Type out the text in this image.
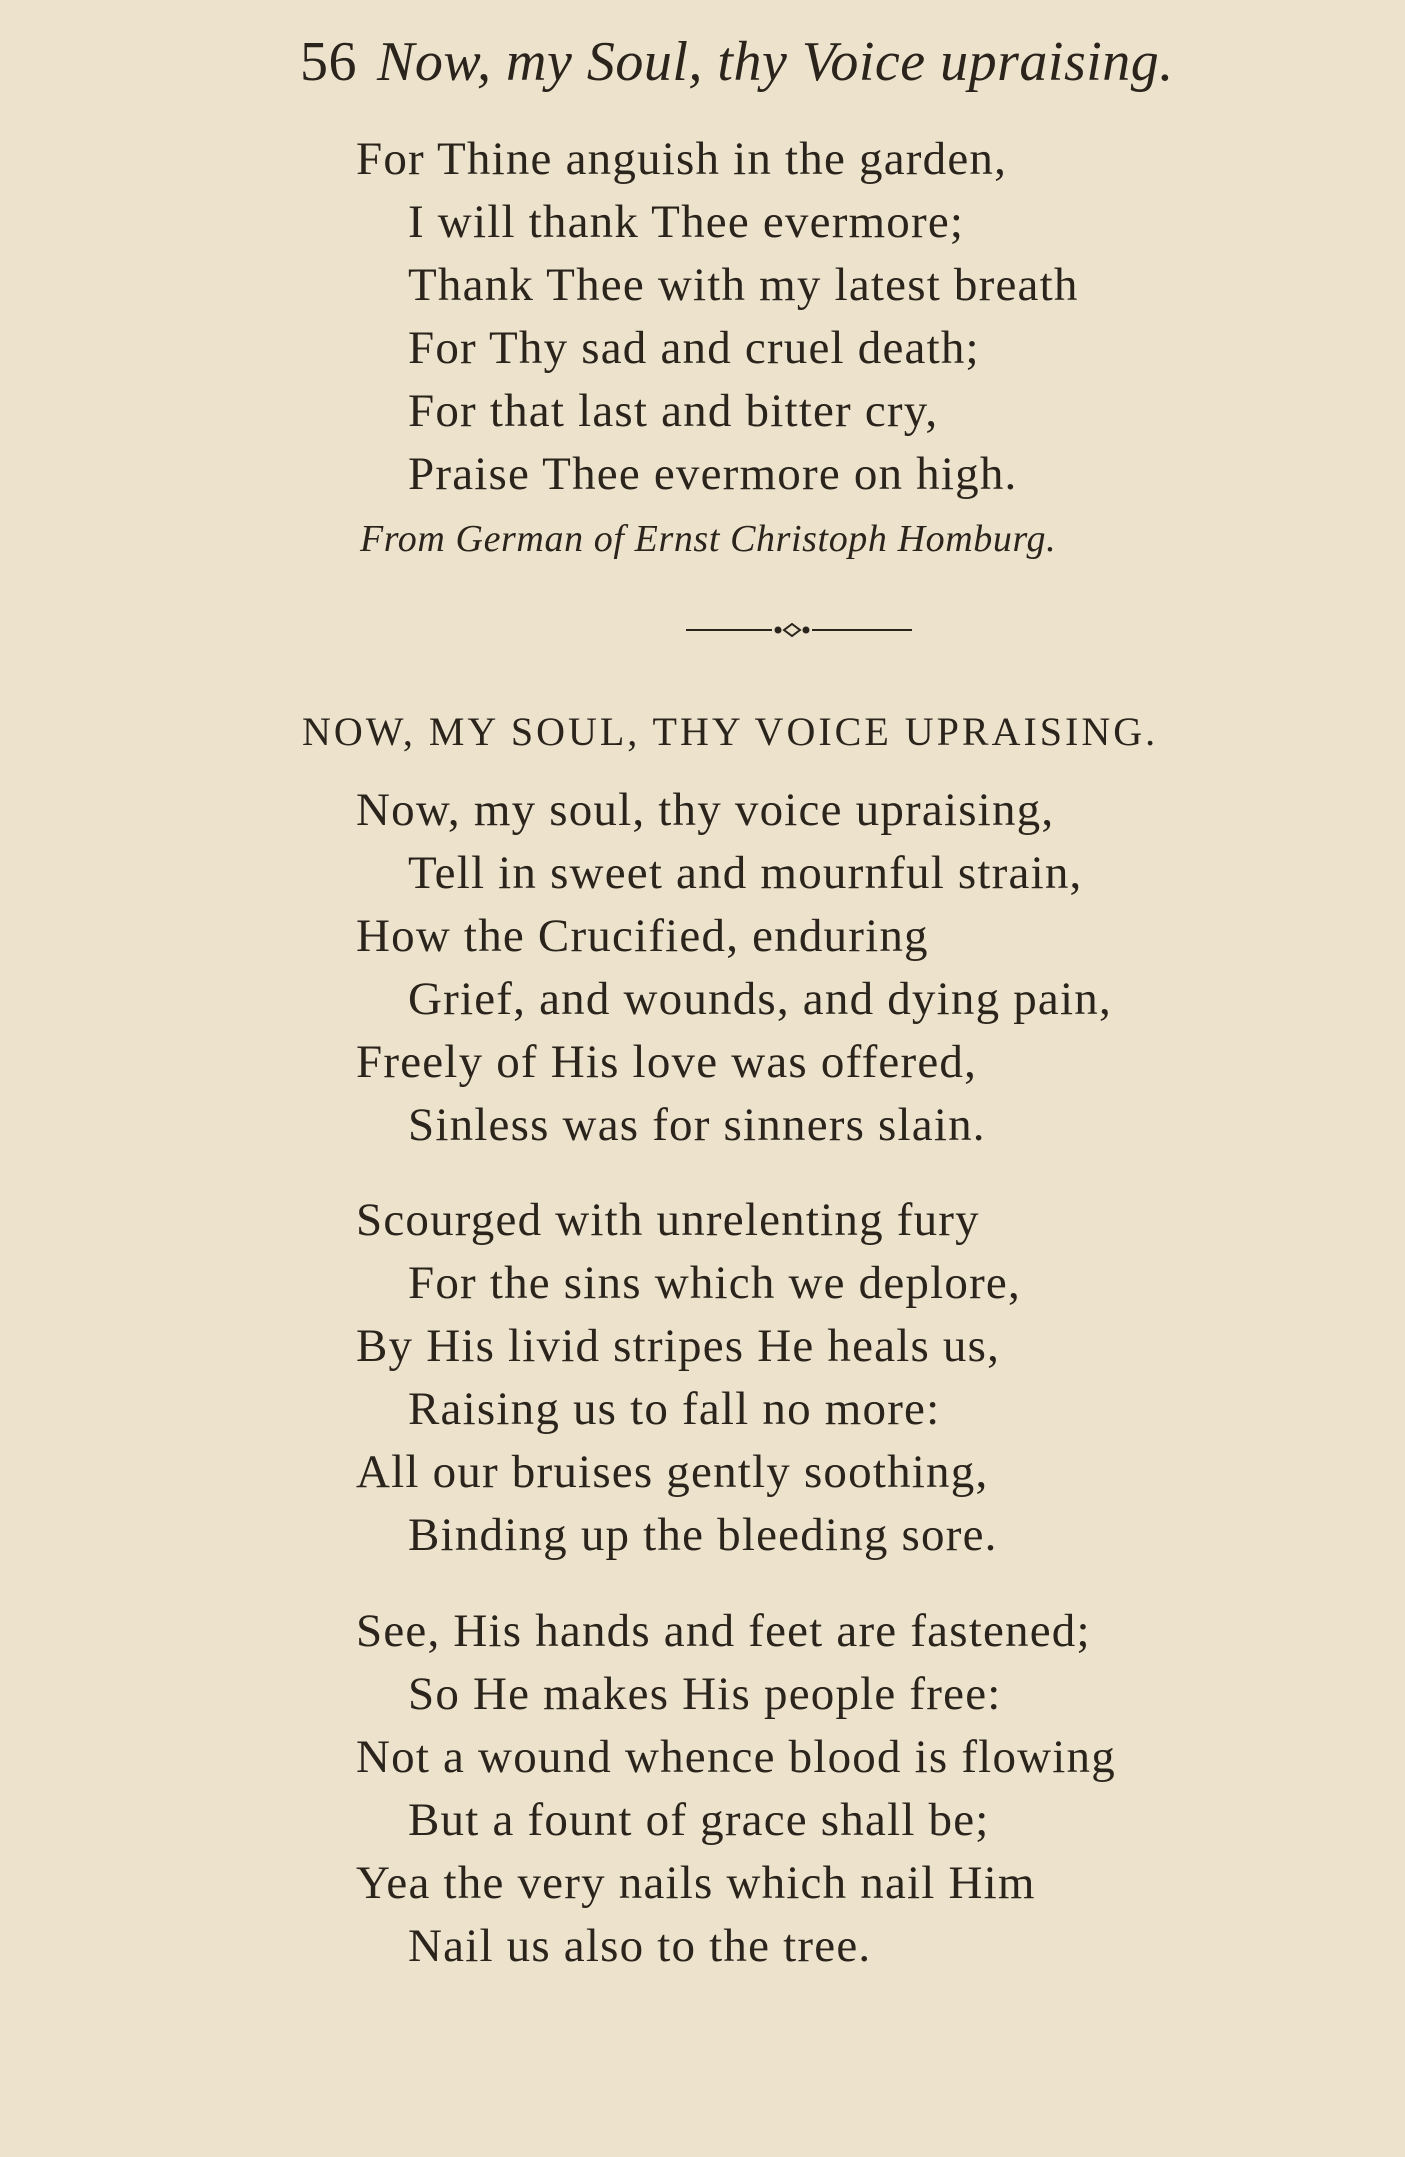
56 Now, my Soul, thy Voice upraising.
For Thine anguish in the garden,
I will thank Thee evermore;
Thank Thee with my latest breath
For Thy sad and cruel death;
For that last and bitter cry,
Praise Thee evermore on high.
From German of Ernst Christoph Homburg.
NOW, MY SOUL, THY VOICE UPRAISING.
Now, my soul, thy voice upraising,
Tell in sweet and mournful strain,
How the Crucified, enduring
Grief, and wounds, and dying pain,
Freely of His love was offered,
Sinless was for sinners slain.
Scourged with unrelenting fury
For the sins which we deplore,
By His livid stripes He heals us,
Raising us to fall no more:
All our bruises gently soothing,
Binding up the bleeding sore.
See, His hands and feet are fastened;
So He makes His people free:
Not a wound whence blood is flowing
But a fount of grace shall be;
Yea the very nails which nail Him
Nail us also to the tree.
